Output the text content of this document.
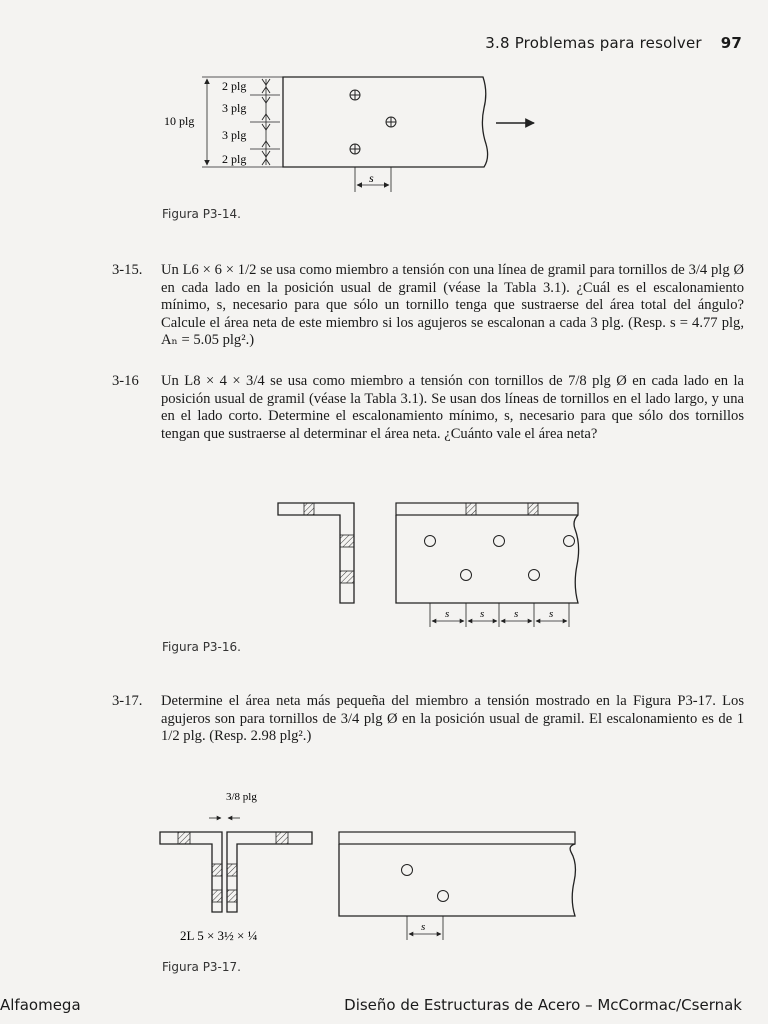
3.8 Problemas para resolver 97
10 plg
2 plg
3 plg
3 plg
2 plg
s
Figura P3-14.
3-15.	Un L6 × 6 × 1/2 se usa como miembro a tensión con una línea de gramil para tornillos de 3/4 plg Ø en cada lado en la posición usual de gramil (véase la Tabla 3.1). ¿Cuál es el escalonamiento mínimo, s, necesario para que sólo un tornillo tenga que sustraerse del área total del ángulo? Calcule el área neta de este miembro si los agujeros se escalonan a cada 3 plg. (Resp. s = 4.77 plg, Aₙ = 5.05 plg².)
3-16	Un L8 × 4 × 3/4 se usa como miembro a tensión con tornillos de 7/8 plg Ø en cada lado en la posición usual de gramil (véase la Tabla 3.1). Se usan dos líneas de tornillos en el lado largo, y una en el lado corto. Determine el escalonamiento mínimo, s, necesario para que sólo dos tornillos tengan que sustraerse al determinar el área neta. ¿Cuánto vale el área neta?
s	s	s	s
Figura P3-16.
3-17.	Determine el área neta más pequeña del miembro a tensión mostrado en la Figura P3-17. Los agujeros son para tornillos de 3/4 plg Ø en la posición usual de gramil. El escalonamiento es de 1 1/2 plg. (Resp. 2.98 plg².)
3/8 plg
2L 5 × 3½ × ¼
s
Figura P3-17.
Alfaomega	Diseño de Estructuras de Acero – McCormac/Csernak
